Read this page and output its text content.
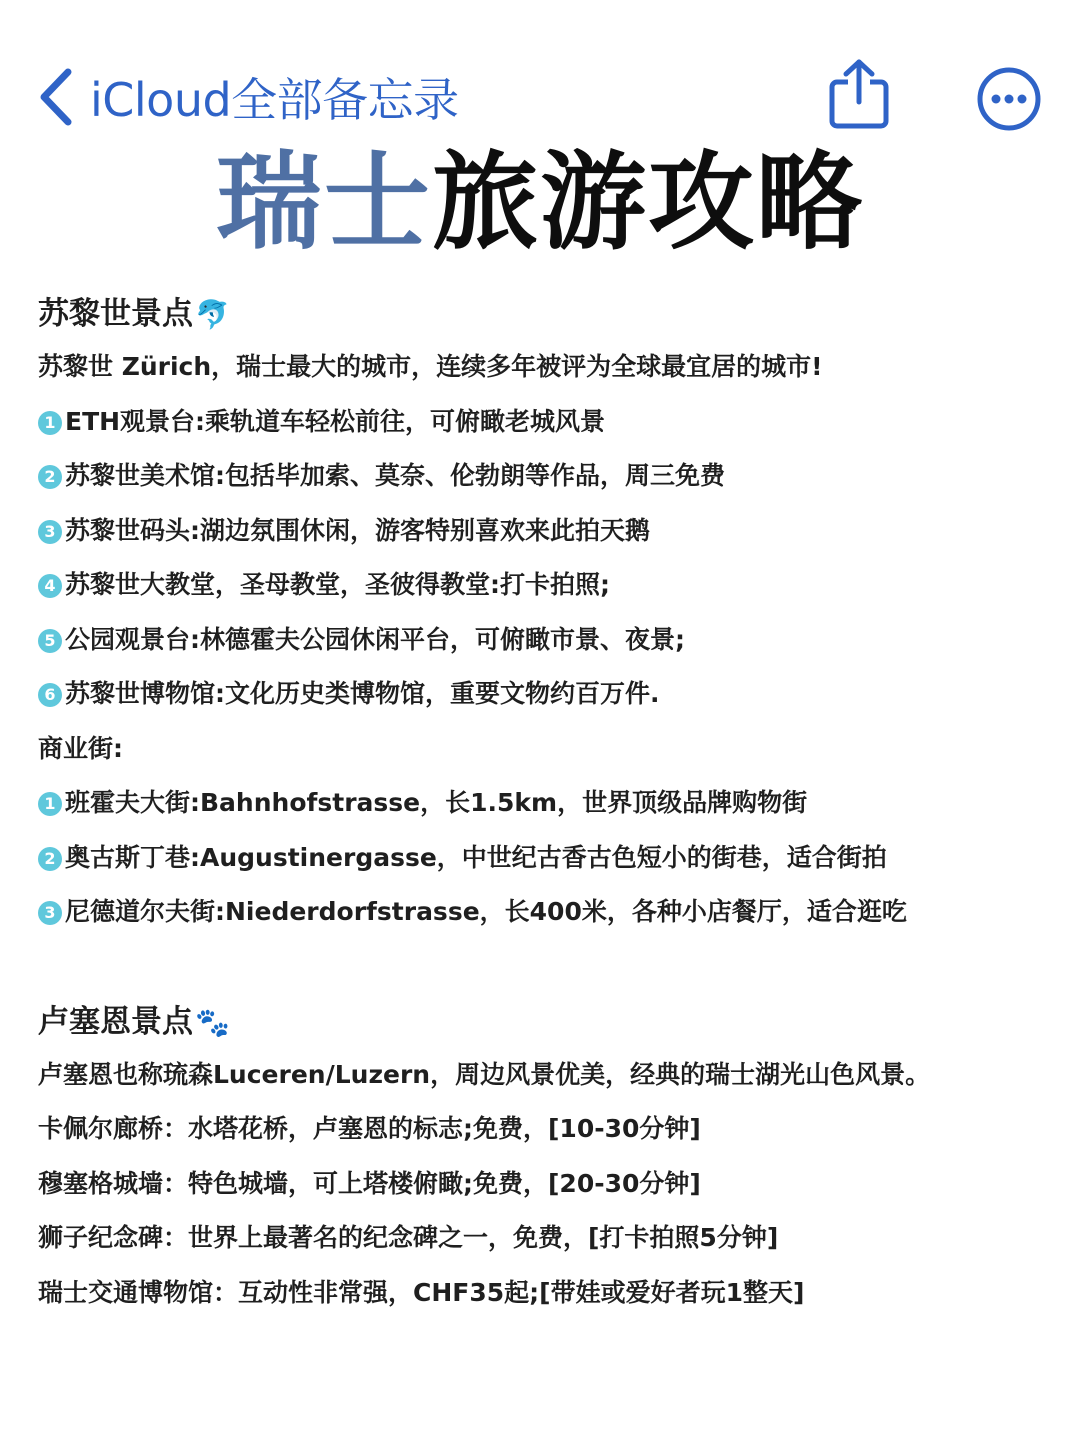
iCloud全部备忘录
瑞士旅游攻略
苏黎世景点🐬
苏黎世 Zürich，瑞士最大的城市，连续多年被评为全球最宜居的城市!
1 ETH观景台:乘轨道车轻松前往，可俯瞰老城风景
2 苏黎世美术馆:包括毕加索、莫奈、伦勃朗等作品，周三免费
3 苏黎世码头:湖边氛围休闲，游客特别喜欢来此拍天鹅
4 苏黎世大教堂，圣母教堂，圣彼得教堂:打卡拍照;
5 公园观景台:林德霍夫公园休闲平台，可俯瞰市景、夜景;
6 苏黎世博物馆:文化历史类博物馆，重要文物约百万件.
商业街:
1 班霍夫大街:Bahnhofstrasse，长1.5km，世界顶级品牌购物街
2 奥古斯丁巷:Augustinergasse，中世纪古香古色短小的街巷，适合街拍
3 尼德道尔夫街:Niederdorfstrasse，长400米，各种小店餐厅，适合逛吃
卢塞恩景点🐾
卢塞恩也称琉森Luceren/Luzern，周边风景优美，经典的瑞士湖光山色风景。
卡佩尔廊桥：水塔花桥，卢塞恩的标志;免费，[10-30分钟]
穆塞格城墙：特色城墙，可上塔楼俯瞰;免费，[20-30分钟]
狮子纪念碑：世界上最著名的纪念碑之一，免费，[打卡拍照5分钟]
瑞士交通博物馆：互动性非常强，CHF35起;[带娃或爱好者玩1整天]
